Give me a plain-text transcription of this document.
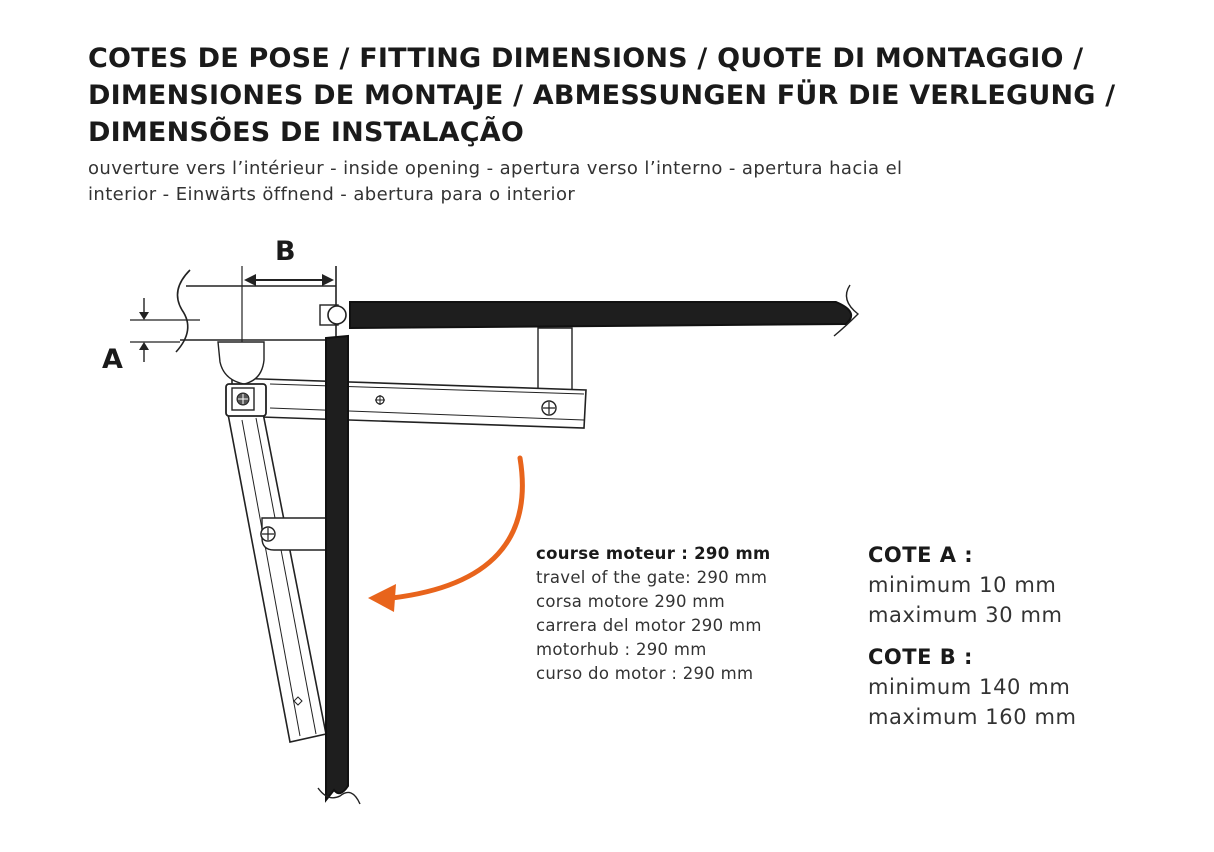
COTES DE POSE / FITTING DIMENSIONS / QUOTE DI MONTAGGIO /
DIMENSIONES DE MONTAJE / ABMESSUNGEN FÜR DIE VERLEGUNG /
DIMENSÕES DE INSTALAÇÃO
ouverture vers l’intérieur - inside opening - apertura verso l’interno - apertura hacia el
interior - Einwärts öffnend - abertura para o interior
A
B
course moteur : 290 mm
travel of the gate: 290 mm
corsa motore 290 mm
carrera del motor 290 mm
motorhub : 290 mm
curso do motor : 290 mm
COTE A :
minimum 10 mm
maximum 30 mm
COTE B :
minimum 140 mm
maximum 160 mm
